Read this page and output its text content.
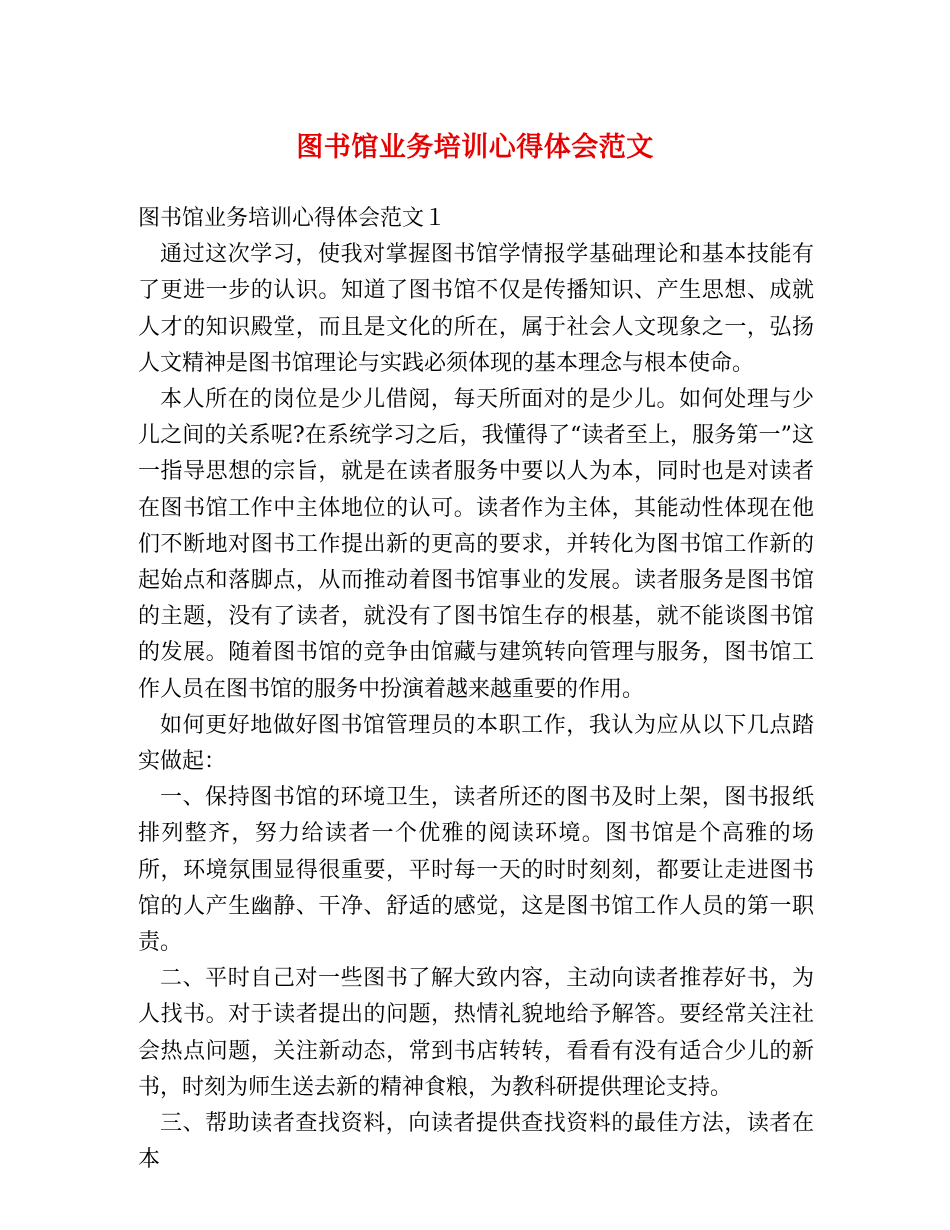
图书馆业务培训心得体会范文

图书馆业务培训心得体会范文１

通过这次学习，使我对掌握图书馆学情报学基础理论和基本技能有了更进一步的认识。知道了图书馆不仅是传播知识、产生思想、成就人才的知识殿堂，而且是文化的所在，属于社会人文现象之一，弘扬人文精神是图书馆理论与实践必须体现的基本理念与根本使命。

本人所在的岗位是少儿借阅，每天所面对的是少儿。如何处理与少儿之间的关系呢?在系统学习之后，我懂得了“读者至上，服务第一”这一指导思想的宗旨，就是在读者服务中要以人为本，同时也是对读者在图书馆工作中主体地位的认可。读者作为主体，其能动性体现在他们不断地对图书工作提出新的更高的要求，并转化为图书馆工作新的起始点和落脚点，从而推动着图书馆事业的发展。读者服务是图书馆的主题，没有了读者，就没有了图书馆生存的根基，就不能谈图书馆的发展。随着图书馆的竞争由馆藏与建筑转向管理与服务，图书馆工作人员在图书馆的服务中扮演着越来越重要的作用。

如何更好地做好图书馆管理员的本职工作，我认为应从以下几点踏实做起：

一、保持图书馆的环境卫生，读者所还的图书及时上架，图书报纸排列整齐，努力给读者一个优雅的阅读环境。图书馆是个高雅的场所，环境氛围显得很重要，平时每一天的时时刻刻，都要让走进图书馆的人产生幽静、干净、舒适的感觉，这是图书馆工作人员的第一职责。

二、平时自己对一些图书了解大致内容，主动向读者推荐好书，为人找书。对于读者提出的问题，热情礼貌地给予解答。要经常关注社会热点问题，关注新动态，常到书店转转，看看有没有适合少儿的新书，时刻为师生送去新的精神食粮，为教科研提供理论支持。

三、帮助读者查找资料，向读者提供查找资料的最佳方法，读者在本
